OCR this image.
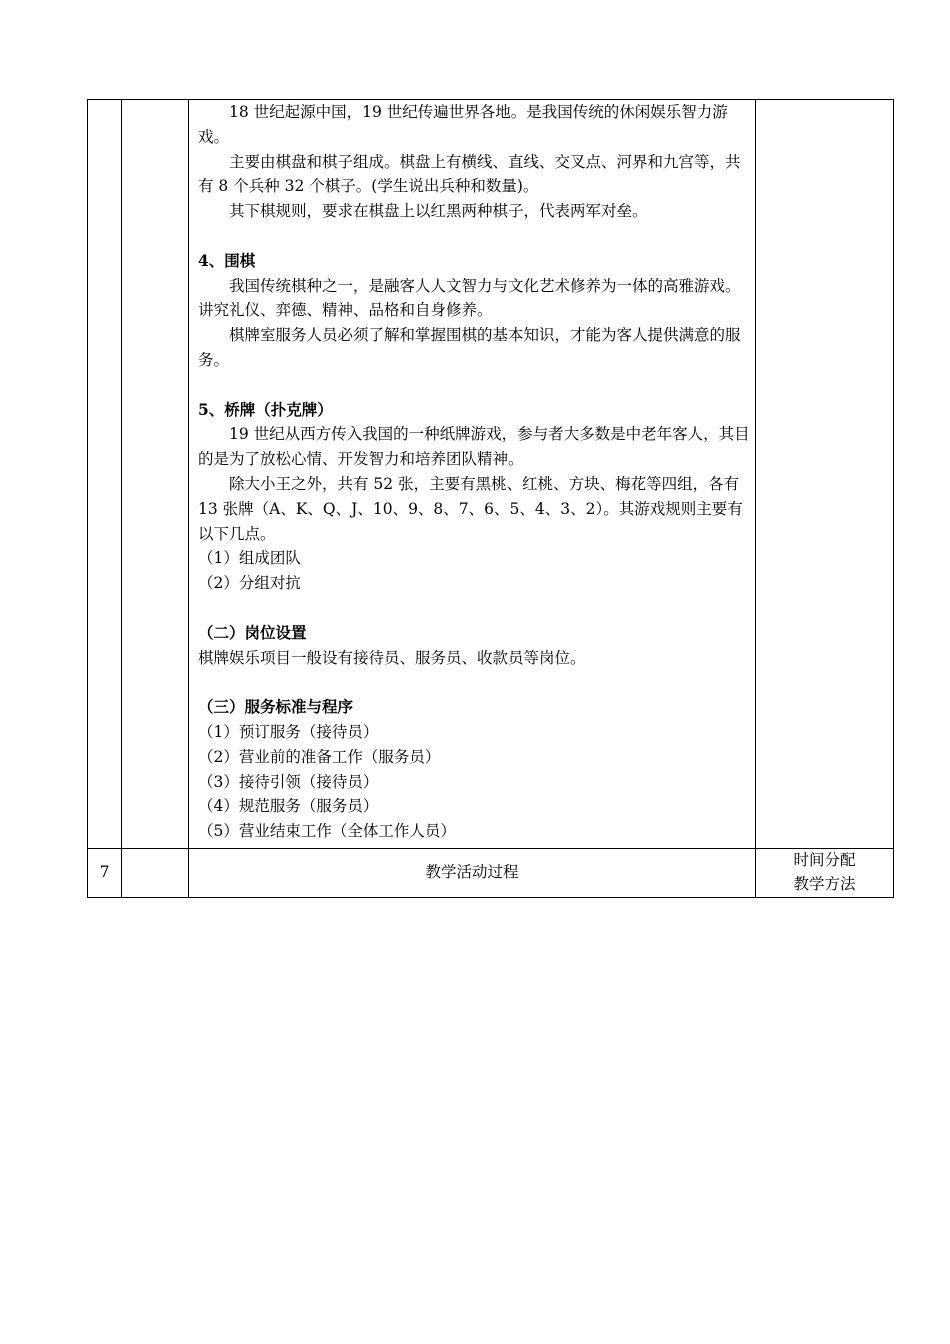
18 世纪起源中国，19 世纪传遍世界各地。是我国传统的休闲娱乐智力游戏。

主要由棋盘和棋子组成。棋盘上有横线、直线、交叉点、河界和九宫等，共有 8 个兵种 32 个棋子。(学生说出兵种和数量)。

其下棋规则，要求在棋盘上以红黑两种棋子，代表两军对垒。

4、围棋

我国传统棋种之一，是融客人人文智力与文化艺术修养为一体的高雅游戏。讲究礼仪、弈德、精神、品格和自身修养。

棋牌室服务人员必须了解和掌握围棋的基本知识，才能为客人提供满意的服务。

5、桥牌（扑克牌）

19 世纪从西方传入我国的一种纸牌游戏，参与者大多数是中老年客人，其目的是为了放松心情、开发智力和培养团队精神。

除大小王之外，共有 52 张，主要有黑桃、红桃、方块、梅花等四组，各有 13 张牌（A、K、Q、J、10、9、8、7、6、5、4、3、2）。其游戏规则主要有以下几点。

（1）组成团队

（2）分组对抗

（二）岗位设置

棋牌娱乐项目一般设有接待员、服务员、收款员等岗位。

（三）服务标准与程序

（1）预订服务（接待员）

（2）营业前的准备工作（服务员）

（3）接待引领（接待员）

（4）规范服务（服务员）

（5）营业结束工作（全体工作人员）

7	教学活动过程
时间分配
教学方法
